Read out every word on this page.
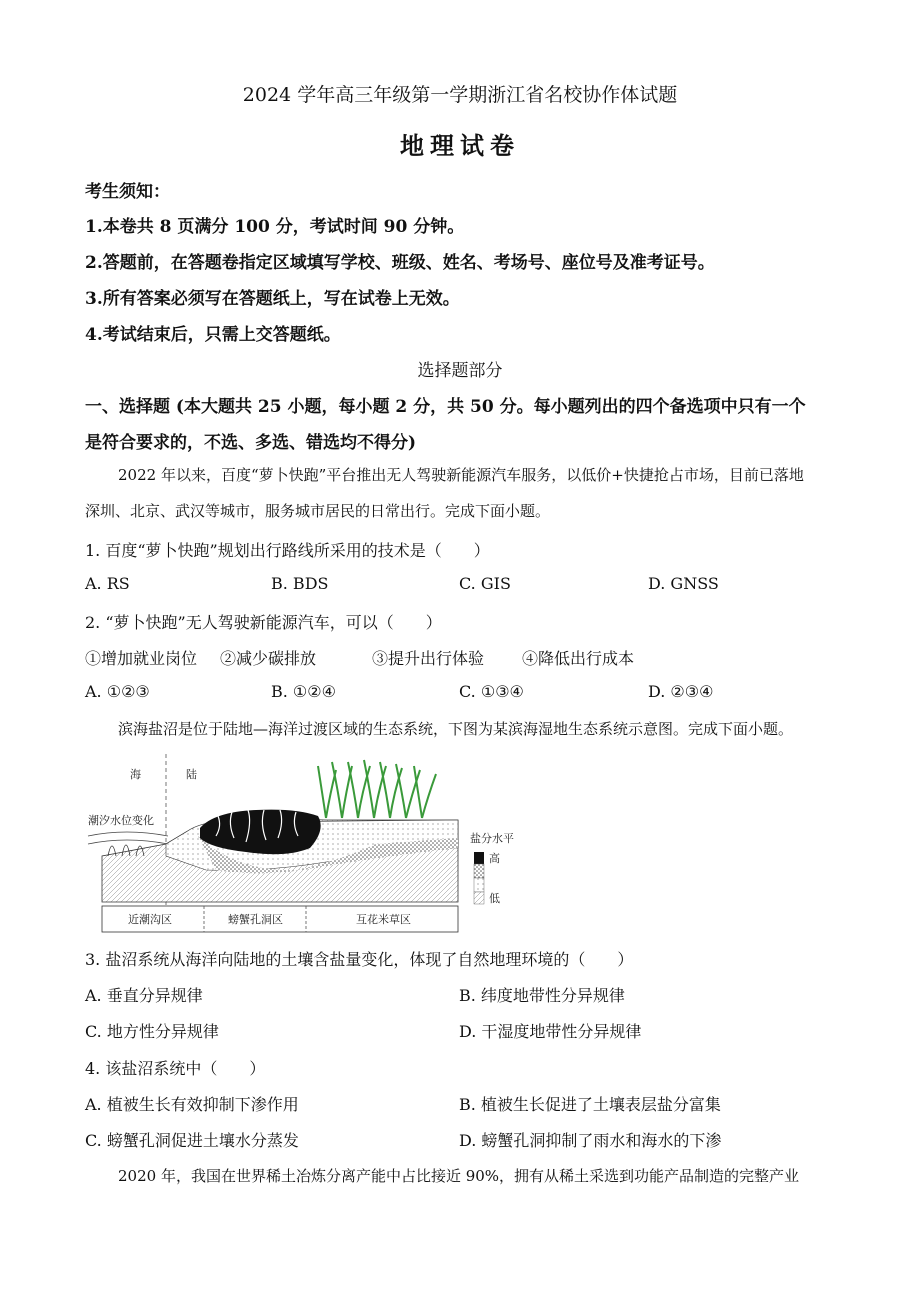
2024 学年高三年级第一学期浙江省名校协作体试题
地理试卷
考生须知：
1.本卷共 8 页满分 100 分，考试时间 90 分钟。
2.答题前，在答题卷指定区域填写学校、班级、姓名、考场号、座位号及准考证号。
3.所有答案必须写在答题纸上，写在试卷上无效。
4.考试结束后，只需上交答题纸。
选择题部分
一、选择题 (本大题共 25 小题，每小题 2 分，共 50 分。每小题列出的四个备选项中只有一个
是符合要求的，不选、多选、错选均不得分)
2022 年以来，百度“萝卜快跑”平台推出无人驾驶新能源汽车服务，以低价+快捷抢占市场，目前已落地
深圳、北京、武汉等城市，服务城市居民的日常出行。完成下面小题。
1. 百度“萝卜快跑”规划出行路线所采用的技术是（　　）
A. RS	B. BDS	C. GIS	D. GNSS
2. “萝卜快跑”无人驾驶新能源汽车，可以（　　）
①增加就业岗位 ②减少碳排放	③提升出行体验 ④降低出行成本
A. ①②③	B. ①②④	C. ①③④	D. ②③④
滨海盐沼是位于陆地—海洋过渡区域的生态系统，下图为某滨海湿地生态系统示意图。完成下面小题。
海	陆
潮汐水位变化
近潮沟区	螃蟹孔洞区	互花米草区
盐分水平
高
低
3. 盐沼系统从海洋向陆地的土壤含盐量变化，体现了自然地理环境的（　　）
A. 垂直分异规律	B. 纬度地带性分异规律
C. 地方性分异规律	D. 干湿度地带性分异规律
4. 该盐沼系统中（　　）
A. 植被生长有效抑制下渗作用	B. 植被生长促进了土壤表层盐分富集
C. 螃蟹孔洞促进土壤水分蒸发	D. 螃蟹孔洞抑制了雨水和海水的下渗
2020 年，我国在世界稀土冶炼分离产能中占比接近 90%，拥有从稀土采选到功能产品制造的完整产业
